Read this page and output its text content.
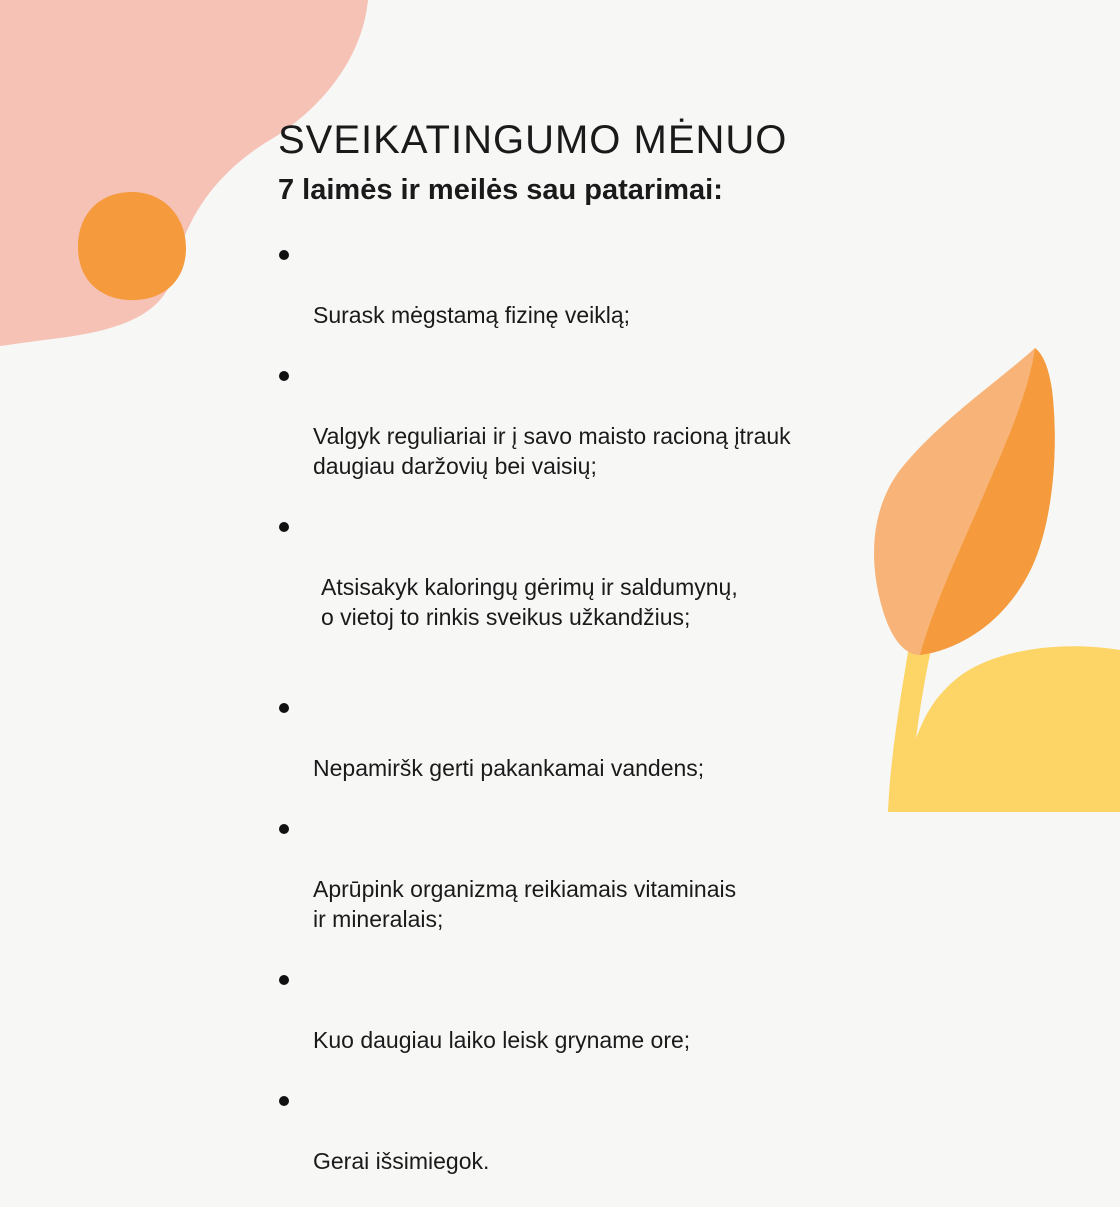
SVEIKATINGUMO MĖNUO
7 laimės ir meilės sau patarimai:

Surask mėgstamą fizinę veiklą;

Valgyk reguliariai ir į savo maisto racioną įtrauk
daugiau daržovių bei vaisių;

Atsisakyk kaloringų gėrimų ir saldumynų,
o vietoj to rinkis sveikus užkandžius;

Nepamiršk gerti pakankamai vandens;

Aprūpink organizmą reikiamais vitaminais
ir mineralais;

Kuo daugiau laiko leisk gryname ore;

Gerai išsimiegok.
